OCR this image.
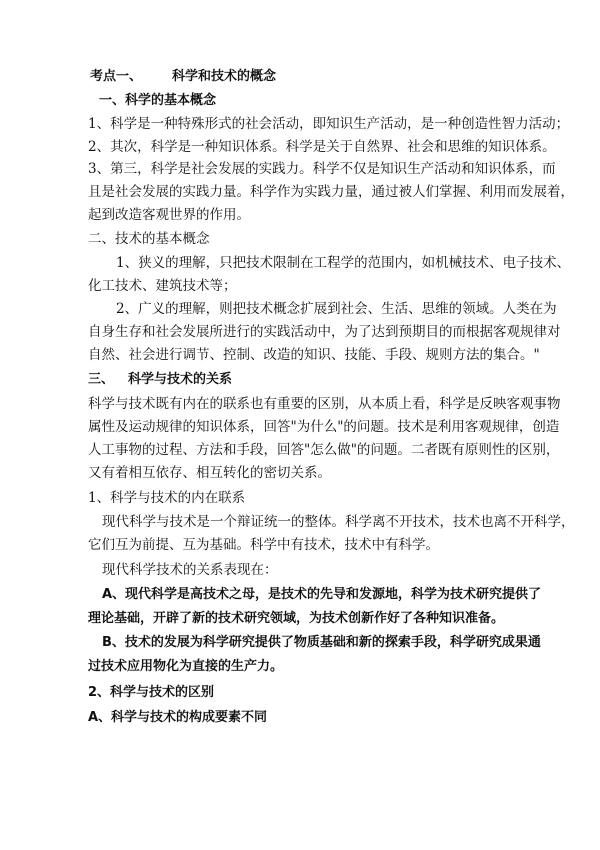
考点一、 科学和技术的概念
一、科学的基本概念
1、科学是一种特殊形式的社会活动，即知识生产活动，是一种创造性智力活动；
2、其次，科学是一种知识体系。科学是关于自然界、社会和思维的知识体系。
3、第三，科学是社会发展的实践力。科学不仅是知识生产活动和知识体系，而
且是社会发展的实践力量。科学作为实践力量，通过被人们掌握、利用而发展着，
起到改造客观世界的作用。
二、技术的基本概念
1、狭义的理解，只把技术限制在工程学的范围内，如机械技术、电子技术、
化工技术、建筑技术等；
2、广义的理解，则把技术概念扩展到社会、生活、思维的领域。人类在为
自身生存和社会发展所进行的实践活动中，为了达到预期目的而根据客观规律对
自然、社会进行调节、控制、改造的知识、技能、手段、规则方法的集合。"
三、 科学与技术的关系
科学与技术既有内在的联系也有重要的区别，从本质上看，科学是反映客观事物
属性及运动规律的知识体系，回答"为什么"的问题。技术是利用客观规律，创造
人工事物的过程、方法和手段，回答"怎么做"的问题。二者既有原则性的区别，
又有着相互依存、相互转化的密切关系。
1、科学与技术的内在联系
现代科学与技术是一个辩证统一的整体。科学离不开技术，技术也离不开科学，
它们互为前提、互为基础。科学中有技术，技术中有科学。
现代科学技术的关系表现在：
A、现代科学是高技术之母，是技术的先导和发源地，科学为技术研究提供了
理论基础，开辟了新的技术研究领域，为技术创新作好了各种知识准备。
B、技术的发展为科学研究提供了物质基础和新的探索手段，科学研究成果通
过技术应用物化为直接的生产力。
2、科学与技术的区别
A、科学与技术的构成要素不同
